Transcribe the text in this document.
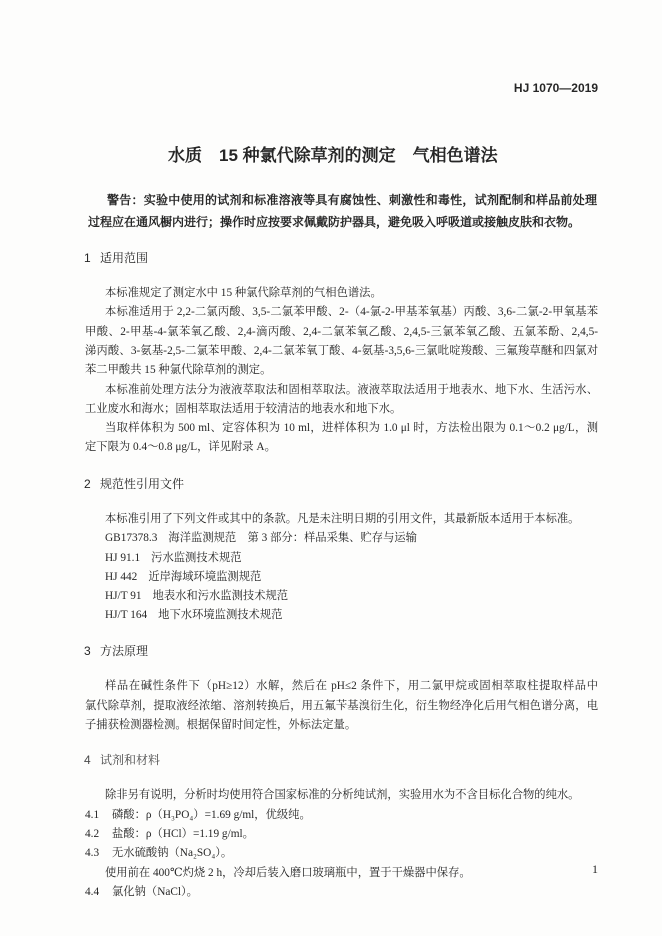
HJ 1070—2019
水质　15 种氯代除草剂的测定　气相色谱法
警告：实验中使用的试剂和标准溶液等具有腐蚀性、刺激性和毒性，试剂配制和样品前处理
过程应在通风橱内进行；操作时应按要求佩戴防护器具，避免吸入呼吸道或接触皮肤和衣物。
1 适用范围
本标准规定了测定水中 15 种氯代除草剂的气相色谱法。
本标准适用于 2,2-二氯丙酸、3,5-二氯苯甲酸、2-（4-氯-2-甲基苯氧基）丙酸、3,6-二氯-2-甲氧基苯
甲酸、2-甲基-4-氯苯氧乙酸、2,4-滴丙酸、2,4-二氯苯氧乙酸、2,4,5-三氯苯氧乙酸、五氯苯酚、2,4,5-
涕丙酸、3-氨基-2,5-二氯苯甲酸、2,4-二氯苯氧丁酸、4-氨基-3,5,6-三氯吡啶羧酸、三氟羧草醚和四氯对
苯二甲酸共 15 种氯代除草剂的测定。
本标准前处理方法分为液液萃取法和固相萃取法。液液萃取法适用于地表水、地下水、生活污水、
工业废水和海水；固相萃取法适用于较清洁的地表水和地下水。
当取样体积为 500 ml、定容体积为 10 ml，进样体积为 1.0 μl 时，方法检出限为 0.1～0.2 μg/L，测
定下限为 0.4～0.8 μg/L，详见附录 A。
2 规范性引用文件
本标准引用了下列文件或其中的条款。凡是未注明日期的引用文件，其最新版本适用于本标准。
GB17378.3 海洋监测规范　第 3 部分：样品采集、贮存与运输
HJ 91.1 污水监测技术规范
HJ 442 近岸海域环境监测规范
HJ/T 91 地表水和污水监测技术规范
HJ/T 164 地下水环境监测技术规范
3 方法原理
样品在碱性条件下（pH≥12）水解，然后在 pH≤2 条件下，用二氯甲烷或固相萃取柱提取样品中
氯代除草剂，提取液经浓缩、溶剂转换后，用五氟苄基溴衍生化，衍生物经净化后用气相色谱分离，电
子捕获检测器检测。根据保留时间定性，外标法定量。
4 试剂和材料
除非另有说明，分析时均使用符合国家标准的分析纯试剂，实验用水为不含目标化合物的纯水。
4.1 磷酸：ρ（H₃PO₄）=1.69 g/ml，优级纯。
4.2 盐酸：ρ（HCl）=1.19 g/ml。
4.3 无水硫酸钠（Na₂SO₄）。
使用前在 400℃灼烧 2 h，冷却后装入磨口玻璃瓶中，置于干燥器中保存。
4.4 氯化钠（NaCl）。
1
